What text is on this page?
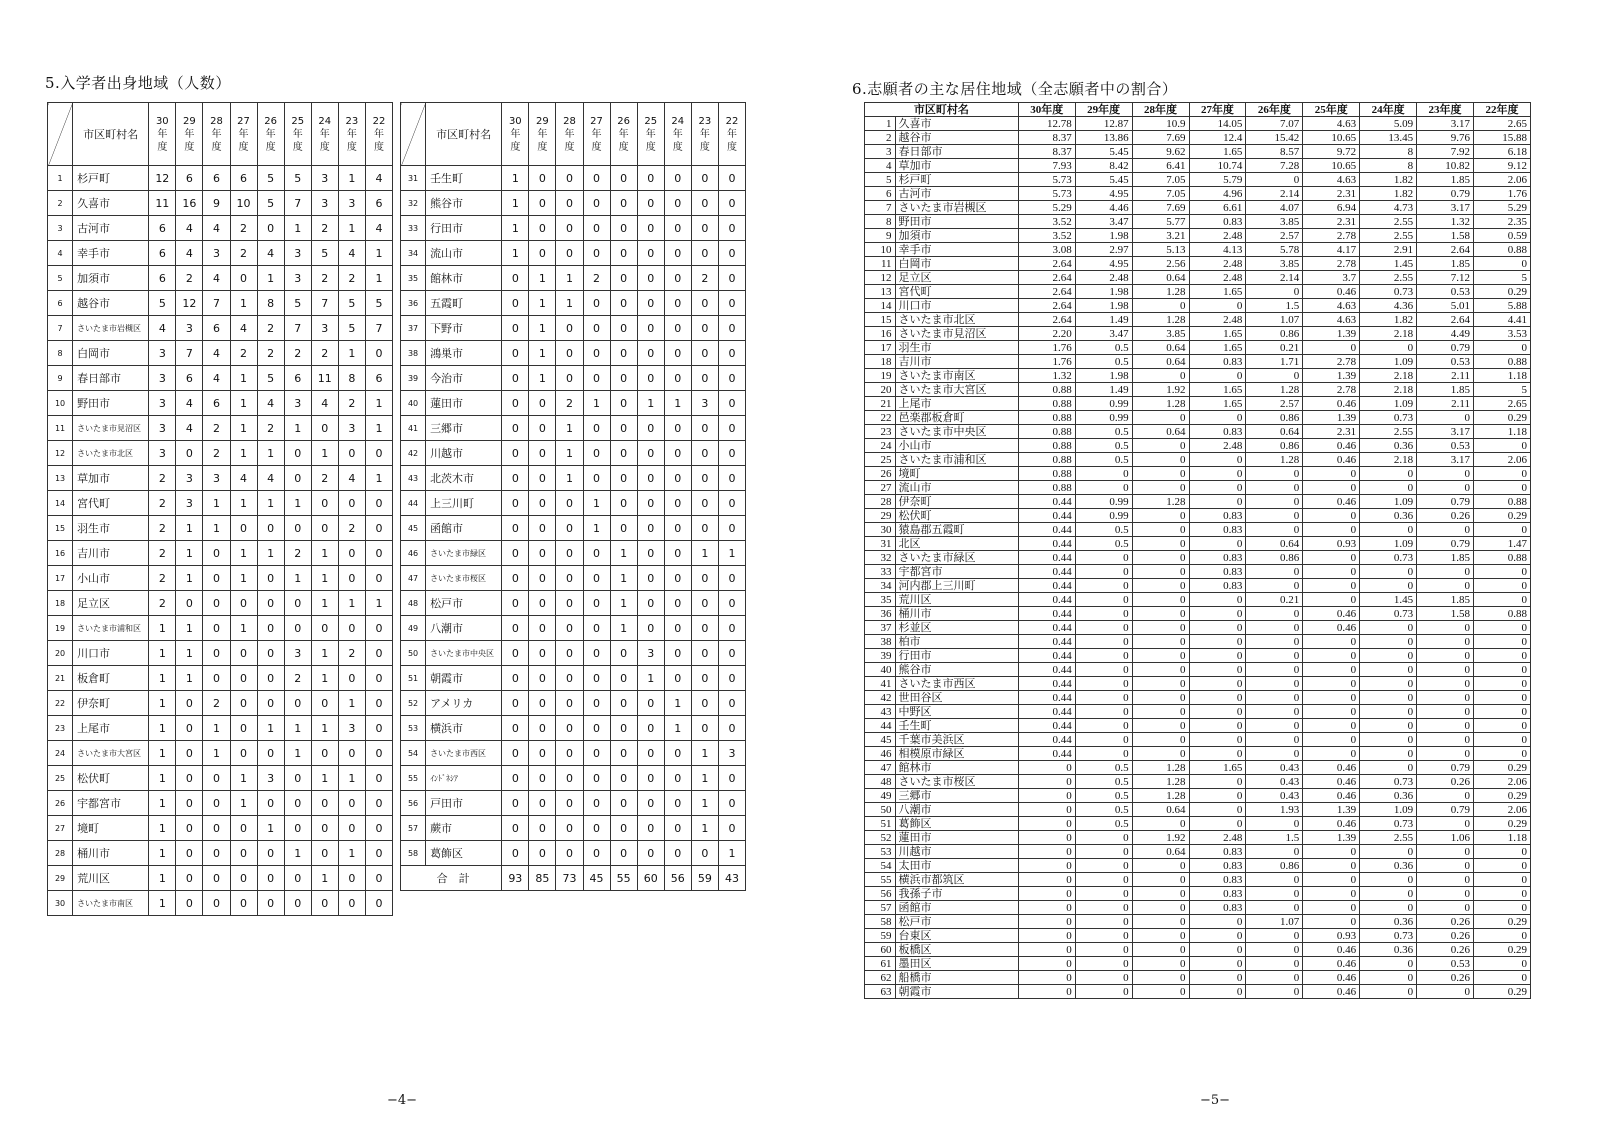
5.入学者出身地域（人数）
	市区町村名	30年度	29年度	28年度	27年度	26年度	25年度	24年度	23年度	22年度
1	杉戸町	12	6	6	6	5	5	3	1	4
2	久喜市	11	16	9	10	5	7	3	3	6
3	古河市	6	4	4	2	0	1	2	1	4
4	幸手市	6	4	3	2	4	3	5	4	1
5	加須市	6	2	4	0	1	3	2	2	1
6	越谷市	5	12	7	1	8	5	7	5	5
7	さいたま市岩槻区	4	3	6	4	2	7	3	5	7
8	白岡市	3	7	4	2	2	2	2	1	0
9	春日部市	3	6	4	1	5	6	11	8	6
10	野田市	3	4	6	1	4	3	4	2	1
11	さいたま市見沼区	3	4	2	1	2	1	0	3	1
12	さいたま市北区	3	0	2	1	1	0	1	0	0
13	草加市	2	3	3	4	4	0	2	4	1
14	宮代町	2	3	1	1	1	1	0	0	0
15	羽生市	2	1	1	0	0	0	0	2	0
16	吉川市	2	1	0	1	1	2	1	0	0
17	小山市	2	1	0	1	0	1	1	0	0
18	足立区	2	0	0	0	0	0	1	1	1
19	さいたま市浦和区	1	1	0	1	0	0	0	0	0
20	川口市	1	1	0	0	0	3	1	2	0
21	板倉町	1	1	0	0	0	2	1	0	0
22	伊奈町	1	0	2	0	0	0	0	1	0
23	上尾市	1	0	1	0	1	1	1	3	0
24	さいたま市大宮区	1	0	1	0	0	1	0	0	0
25	松伏町	1	0	0	1	3	0	1	1	0
26	宇都宮市	1	0	0	1	0	0	0	0	0
27	境町	1	0	0	0	1	0	0	0	0
28	桶川市	1	0	0	0	0	1	0	1	0
29	荒川区	1	0	0	0	0	0	1	0	0
30	さいたま市南区	1	0	0	0	0	0	0	0	0
	市区町村名	30年度	29年度	28年度	27年度	26年度	25年度	24年度	23年度	22年度
31	壬生町	1	0	0	0	0	0	0	0	0
32	熊谷市	1	0	0	0	0	0	0	0	0
33	行田市	1	0	0	0	0	0	0	0	0
34	流山市	1	0	0	0	0	0	0	0	0
35	館林市	0	1	1	2	0	0	0	2	0
36	五霞町	0	1	1	0	0	0	0	0	0
37	下野市	0	1	0	0	0	0	0	0	0
38	鴻巣市	0	1	0	0	0	0	0	0	0
39	今治市	0	1	0	0	0	0	0	0	0
40	蓮田市	0	0	2	1	0	1	1	3	0
41	三郷市	0	0	1	0	0	0	0	0	0
42	川越市	0	0	1	0	0	0	0	0	0
43	北茨木市	0	0	1	0	0	0	0	0	0
44	上三川町	0	0	0	1	0	0	0	0	0
45	函館市	0	0	0	1	0	0	0	0	0
46	さいたま市緑区	0	0	0	0	1	0	0	1	1
47	さいたま市桜区	0	0	0	0	1	0	0	0	0
48	松戸市	0	0	0	0	1	0	0	0	0
49	八潮市	0	0	0	0	1	0	0	0	0
50	さいたま市中央区	0	0	0	0	0	3	0	0	0
51	朝霞市	0	0	0	0	0	1	0	0	0
52	アメリカ	0	0	0	0	0	0	1	0	0
53	横浜市	0	0	0	0	0	0	1	0	0
54	さいたま市西区	0	0	0	0	0	0	0	1	3
55	ｲﾝﾄﾞﾈｼｱ	0	0	0	0	0	0	0	1	0
56	戸田市	0	0	0	0	0	0	0	1	0
57	蕨市	0	0	0	0	0	0	0	1	0
58	葛飾区	0	0	0	0	0	0	0	0	1
合　計		93	85	73	45	55	60	56	59	43
6.志願者の主な居住地域（全志願者中の割合）
市区町村名		30年度	29年度	28年度	27年度	26年度	25年度	24年度	23年度	22年度
1	久喜市	12.78	12.87	10.9	14.05	7.07	4.63	5.09	3.17	2.65
2	越谷市	8.37	13.86	7.69	12.4	15.42	10.65	13.45	9.76	15.88
3	春日部市	8.37	5.45	9.62	1.65	8.57	9.72	8	7.92	6.18
4	草加市	7.93	8.42	6.41	10.74	7.28	10.65	8	10.82	9.12
5	杉戸町	5.73	5.45	7.05	5.79	0	4.63	1.82	1.85	2.06
6	古河市	5.73	4.95	7.05	4.96	2.14	2.31	1.82	0.79	1.76
7	さいたま市岩槻区	5.29	4.46	7.69	6.61	4.07	6.94	4.73	3.17	5.29
8	野田市	3.52	3.47	5.77	0.83	3.85	2.31	2.55	1.32	2.35
9	加須市	3.52	1.98	3.21	2.48	2.57	2.78	2.55	1.58	0.59
10	幸手市	3.08	2.97	5.13	4.13	5.78	4.17	2.91	2.64	0.88
11	白岡市	2.64	4.95	2.56	2.48	3.85	2.78	1.45	1.85	0
12	足立区	2.64	2.48	0.64	2.48	2.14	3.7	2.55	7.12	5
13	宮代町	2.64	1.98	1.28	1.65	0	0.46	0.73	0.53	0.29
14	川口市	2.64	1.98	0	0	1.5	4.63	4.36	5.01	5.88
15	さいたま市北区	2.64	1.49	1.28	2.48	1.07	4.63	1.82	2.64	4.41
16	さいたま市見沼区	2.20	3.47	3.85	1.65	0.86	1.39	2.18	4.49	3.53
17	羽生市	1.76	0.5	0.64	1.65	0.21	0	0	0.79	0
18	吉川市	1.76	0.5	0.64	0.83	1.71	2.78	1.09	0.53	0.88
19	さいたま市南区	1.32	1.98	0	0	0	1.39	2.18	2.11	1.18
20	さいたま市大宮区	0.88	1.49	1.92	1.65	1.28	2.78	2.18	1.85	5
21	上尾市	0.88	0.99	1.28	1.65	2.57	0.46	1.09	2.11	2.65
22	邑楽郡板倉町	0.88	0.99	0	0	0.86	1.39	0.73	0	0.29
23	さいたま市中央区	0.88	0.5	0.64	0.83	0.64	2.31	2.55	3.17	1.18
24	小山市	0.88	0.5	0	2.48	0.86	0.46	0.36	0.53	0
25	さいたま市浦和区	0.88	0.5	0	0	1.28	0.46	2.18	3.17	2.06
26	境町	0.88	0	0	0	0	0	0	0	0
27	流山市	0.88	0	0	0	0	0	0	0	0
28	伊奈町	0.44	0.99	1.28	0	0	0.46	1.09	0.79	0.88
29	松伏町	0.44	0.99	0	0.83	0	0	0.36	0.26	0.29
30	猿島郡五霞町	0.44	0.5	0	0.83	0	0	0	0	0
31	北区	0.44	0.5	0	0	0.64	0.93	1.09	0.79	1.47
32	さいたま市緑区	0.44	0	0	0.83	0.86	0	0.73	1.85	0.88
33	宇都宮市	0.44	0	0	0.83	0	0	0	0	0
34	河内郡上三川町	0.44	0	0	0.83	0	0	0	0	0
35	荒川区	0.44	0	0	0	0.21	0	1.45	1.85	0
36	桶川市	0.44	0	0	0	0	0.46	0.73	1.58	0.88
37	杉並区	0.44	0	0	0	0	0.46	0	0	0
38	柏市	0.44	0	0	0	0	0	0	0	0
39	行田市	0.44	0	0	0	0	0	0	0	0
40	熊谷市	0.44	0	0	0	0	0	0	0	0
41	さいたま市西区	0.44	0	0	0	0	0	0	0	0
42	世田谷区	0.44	0	0	0	0	0	0	0	0
43	中野区	0.44	0	0	0	0	0	0	0	0
44	壬生町	0.44	0	0	0	0	0	0	0	0
45	千葉市美浜区	0.44	0	0	0	0	0	0	0	0
46	相模原市緑区	0.44	0	0	0	0	0	0	0	0
47	館林市	0	0.5	1.28	1.65	0.43	0.46	0	0.79	0.29
48	さいたま市桜区	0	0.5	1.28	0	0.43	0.46	0.73	0.26	2.06
49	三郷市	0	0.5	1.28	0	0.43	0.46	0.36	0	0.29
50	八潮市	0	0.5	0.64	0	1.93	1.39	1.09	0.79	2.06
51	葛飾区	0	0.5	0	0	0	0.46	0.73	0	0.29
52	蓮田市	0	0	1.92	2.48	1.5	1.39	2.55	1.06	1.18
53	川越市	0	0	0.64	0.83	0	0	0	0	0
54	太田市	0	0	0	0.83	0.86	0	0.36	0	0
55	横浜市都筑区	0	0	0	0.83	0	0	0	0	0
56	我孫子市	0	0	0	0.83	0	0	0	0	0
57	函館市	0	0	0	0.83	0	0	0	0	0
58	松戸市	0	0	0	0	1.07	0	0.36	0.26	0.29
59	台東区	0	0	0	0	0	0.93	0.73	0.26	0
60	板橋区	0	0	0	0	0	0.46	0.36	0.26	0.29
61	墨田区	0	0	0	0	0	0.46	0	0.53	0
62	船橋市	0	0	0	0	0	0.46	0	0.26	0
63	朝霞市	0	0	0	0	0	0.46	0	0	0.29
−4−	−5−
